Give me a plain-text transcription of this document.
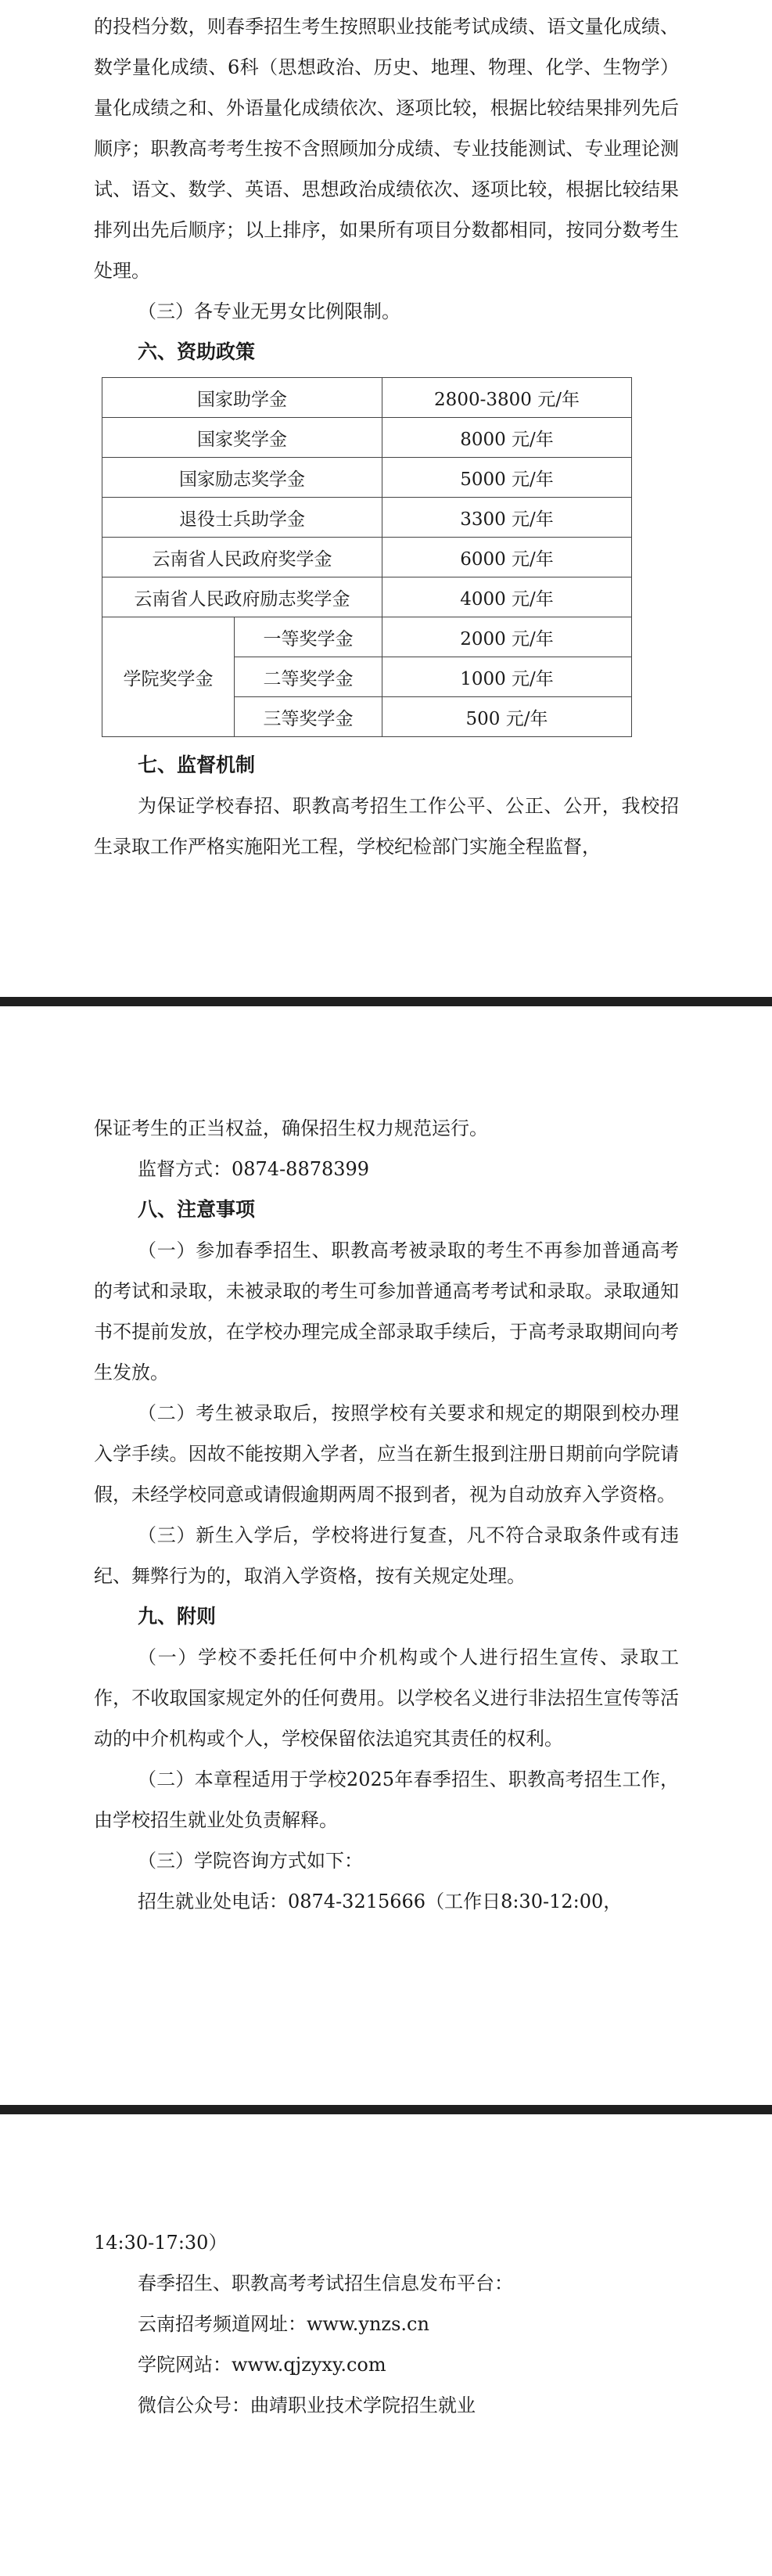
的投档分数，则春季招生考生按照职业技能考试成绩、语文量化成绩、数学量化成绩、6科（思想政治、历史、地理、物理、化学、生物学）量化成绩之和、外语量化成绩依次、逐项比较，根据比较结果排列先后顺序；职教高考考生按不含照顾加分成绩、专业技能测试、专业理论测试、语文、数学、英语、思想政治成绩依次、逐项比较，根据比较结果排列出先后顺序；以上排序，如果所有项目分数都相同，按同分数考生处理。

（三）各专业无男女比例限制。

六、资助政策

国家助学金		2800-3800 元/年
国家奖学金		8000 元/年
国家励志奖学金		5000 元/年
退役士兵助学金		3300 元/年
云南省人民政府奖学金		6000 元/年
云南省人民政府励志奖学金		4000 元/年
学院奖学金	一等奖学金	2000 元/年
	二等奖学金	1000 元/年
	三等奖学金	500 元/年

七、监督机制

为保证学校春招、职教高考招生工作公平、公正、公开，我校招生录取工作严格实施阳光工程，学校纪检部门实施全程监督，

保证考生的正当权益，确保招生权力规范运行。

监督方式：0874-8878399

八、注意事项

（一）参加春季招生、职教高考被录取的考生不再参加普通高考的考试和录取，未被录取的考生可参加普通高考考试和录取。录取通知书不提前发放，在学校办理完成全部录取手续后，于高考录取期间向考生发放。

（二）考生被录取后，按照学校有关要求和规定的期限到校办理入学手续。因故不能按期入学者，应当在新生报到注册日期前向学院请假，未经学校同意或请假逾期两周不报到者，视为自动放弃入学资格。

（三）新生入学后，学校将进行复查，凡不符合录取条件或有违纪、舞弊行为的，取消入学资格，按有关规定处理。

九、附则

（一）学校不委托任何中介机构或个人进行招生宣传、录取工作，不收取国家规定外的任何费用。以学校名义进行非法招生宣传等活动的中介机构或个人，学校保留依法追究其责任的权利。

（二）本章程适用于学校2025年春季招生、职教高考招生工作，由学校招生就业处负责解释。

（三）学院咨询方式如下：

招生就业处电话：0874-3215666（工作日8:30-12:00，

14:30-17:30）

春季招生、职教高考考试招生信息发布平台：

云南招考频道网址：www.ynzs.cn

学院网站：www.qjzyxy.com

微信公众号：曲靖职业技术学院招生就业
